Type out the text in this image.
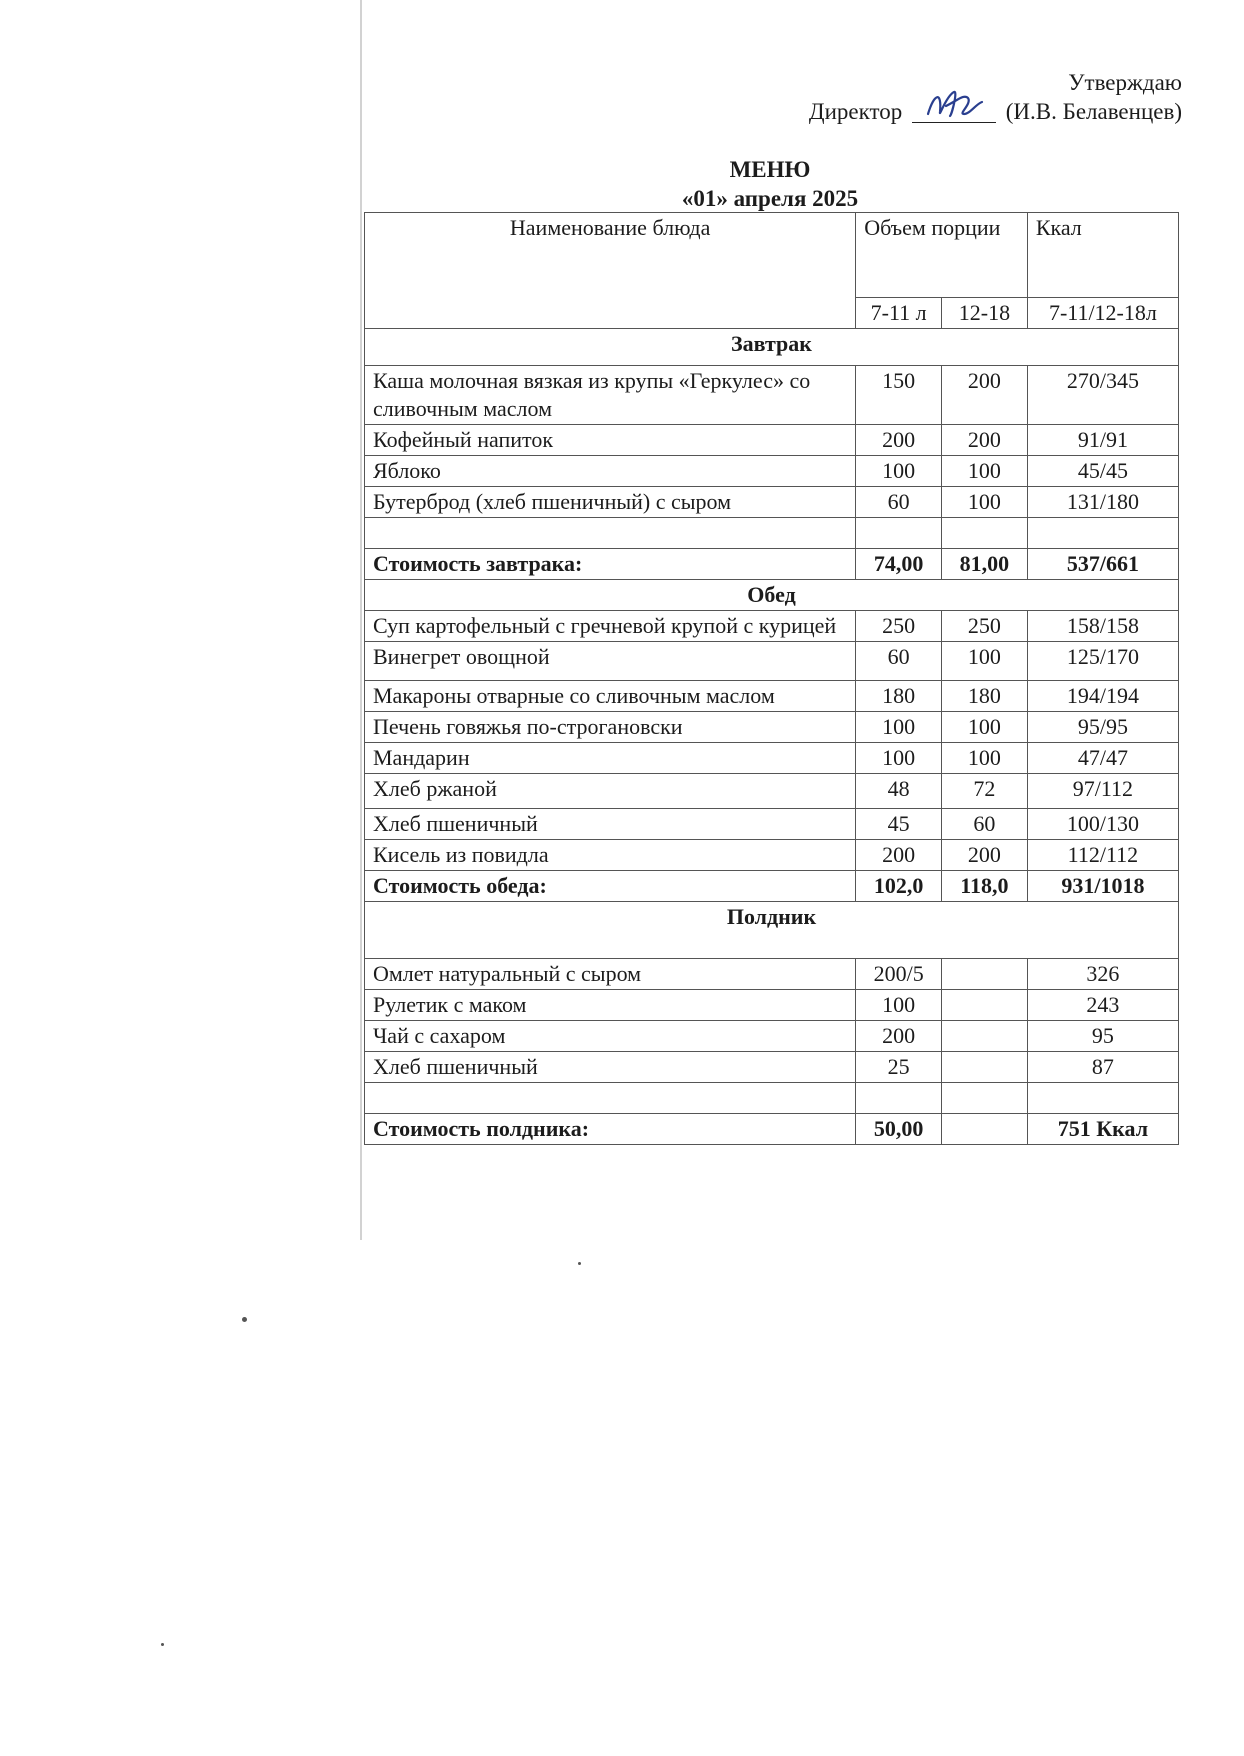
Утверждаю
Директор	(И.В. Белавенцев)
МЕНЮ
«01» апреля 2025
Наименование блюда	Объем порции		Ккал
	7-11 л	12-18	7-11/12-18л
Завтрак			
Каша молочная вязкая из крупы «Геркулес» со сливочным маслом	150	200	270/345
Кофейный напиток	200	200	91/91
Яблоко	100	100	45/45
Бутерброд (хлеб пшеничный) с сыром	60	100	131/180

Стоимость завтрака:	74,00	81,00	537/661
Обед			
Суп картофельный с гречневой крупой с курицей	250	250	158/158
Винегрет овощной	60	100	125/170
Макароны отварные со сливочным маслом	180	180	194/194
Печень говяжья по-строгановски	100	100	95/95
Мандарин	100	100	47/47
Хлеб ржаной	48	72	97/112
Хлеб пшеничный	45	60	100/130
Кисель из повидла	200	200	112/112
Стоимость обеда:	102,0	118,0	931/1018
Полдник			
Омлет натуральный с сыром	200/5		326
Рулетик с маком	100		243
Чай с сахаром	200		95
Хлеб пшеничный	25		87

Стоимость полдника:	50,00		751 Ккал
